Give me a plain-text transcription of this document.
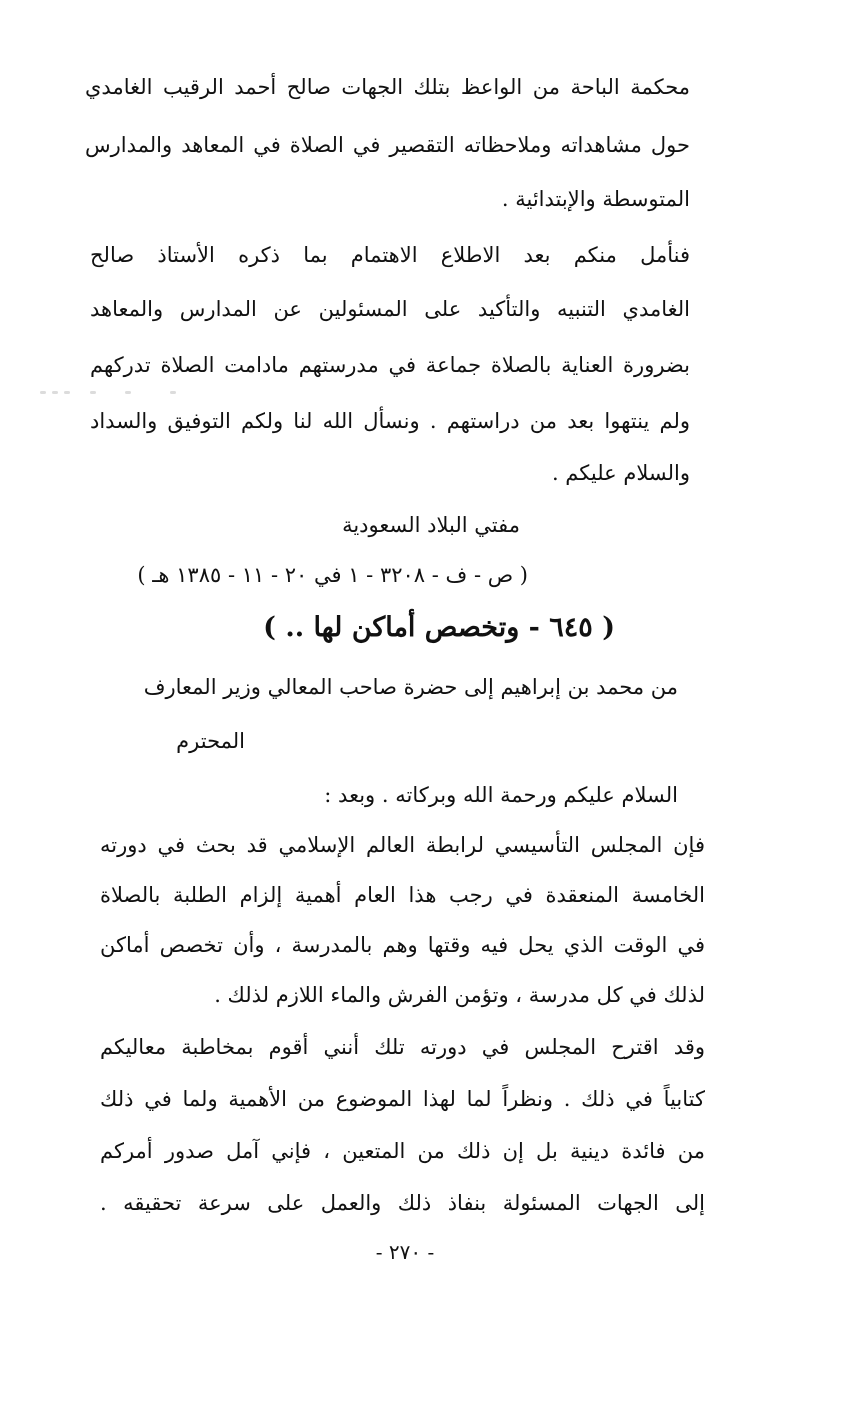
محكمة الباحة من الواعظ بتلك الجهات صالح أحمد الرقيب الغامدي
حول مشاهداته وملاحظاته التقصير في الصلاة في المعاهد والمدارس
المتوسطة والإبتدائية .
فنأمل منكم بعد الاطلاع الاهتمام بما ذكره الأستاذ صالح
الغامدي التنبيه والتأكيد على المسئولين عن المدارس والمعاهد
بضرورة العناية بالصلاة جماعة في مدرستهم مادامت الصلاة تدركهم
ولم ينتهوا بعد من دراستهم . ونسأل الله لنا ولكم التوفيق والسداد
والسلام عليكم .
مفتي البلاد السعودية
( ص - ف - ٣٢٠٨ - ١ في ٢٠ - ١١ - ١٣٨٥ هـ )
( ٦٤٥ - وتخصص أماكن لها .. )
من محمد بن إبراهيم إلى حضرة صاحب المعالي وزير المعارف
المحترم
السلام عليكم ورحمة الله وبركاته . وبعد :
فإن المجلس التأسيسي لرابطة العالم الإسلامي قد بحث في دورته
الخامسة المنعقدة في رجب هذا العام أهمية إلزام الطلبة بالصلاة
في الوقت الذي يحل فيه وقتها وهم بالمدرسة ، وأن تخصص أماكن
لذلك في كل مدرسة ، وتؤمن الفرش والماء اللازم لذلك .
وقد اقترح المجلس في دورته تلك أنني أقوم بمخاطبة معاليكم
كتابياً في ذلك . ونظراً لما لهذا الموضوع من الأهمية ولما في ذلك
من فائدة دينية بل إن ذلك من المتعين ، فإني آمل صدور أمركم
إلى الجهات المسئولة بنفاذ ذلك والعمل على سرعة تحقيقه .
- ٢٧٠ -
